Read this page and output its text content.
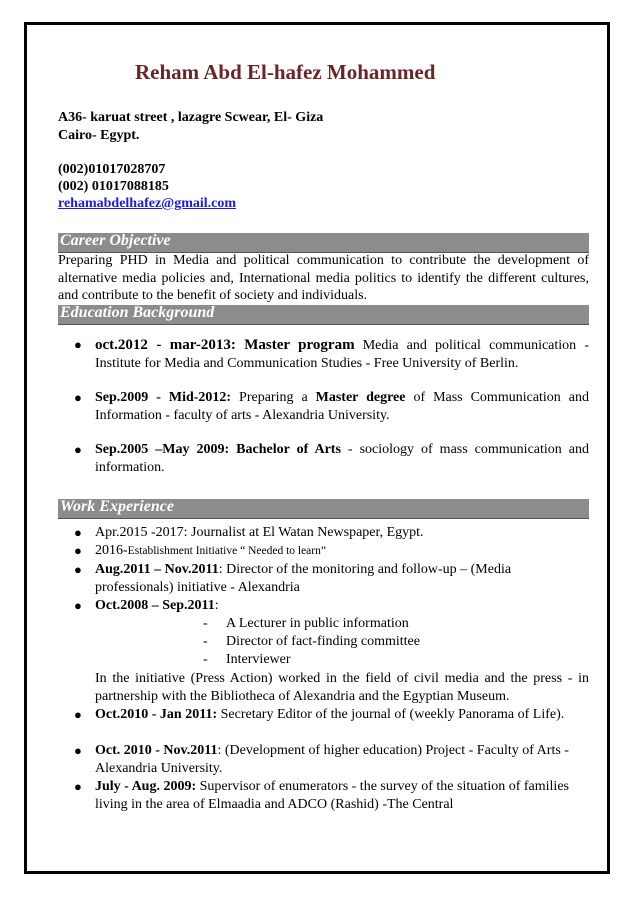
Reham Abd El-hafez Mohammed
A36- karuat street , lazagre Scwear, El- Giza
Cairo- Egypt.
(002)01017028707
(002) 01017088185
rehamabdelhafez@gmail.com
Career Objective
Preparing PHD in Media and political communication to contribute the development of alternative media policies and, International media politics to identify the different cultures, and contribute to the benefit of society and individuals.
Education Background
● oct.2012 - mar-2013: Master program Media and political communication - Institute for Media and Communication Studies - Free University of Berlin.
● Sep.2009 - Mid-2012: Preparing a Master degree of Mass Communication and Information - faculty of arts - Alexandria University.
● Sep.2005 –May 2009: Bachelor of Arts - sociology of mass communication and information.
Work Experience
● Apr.2015 -2017: Journalist at El Watan Newspaper, Egypt.
● 2016-Establishment Initiative “ Needed to learn”
● Aug.2011 – Nov.2011: Director of the monitoring and follow-up – (Media professionals) initiative - Alexandria
● Oct.2008 – Sep.2011:
- A Lecturer in public information
- Director of fact-finding committee
- Interviewer
In the initiative (Press Action) worked in the field of civil media and the press - in partnership with the Bibliotheca of Alexandria and the Egyptian Museum.
● Oct.2010 - Jan 2011: Secretary Editor of the journal of (weekly Panorama of Life).
● Oct. 2010 - Nov.2011: (Development of higher education) Project - Faculty of Arts - Alexandria University.
● July - Aug. 2009: Supervisor of enumerators - the survey of the situation of families living in the area of Elmaadia and ADCO (Rashid) -The Central
